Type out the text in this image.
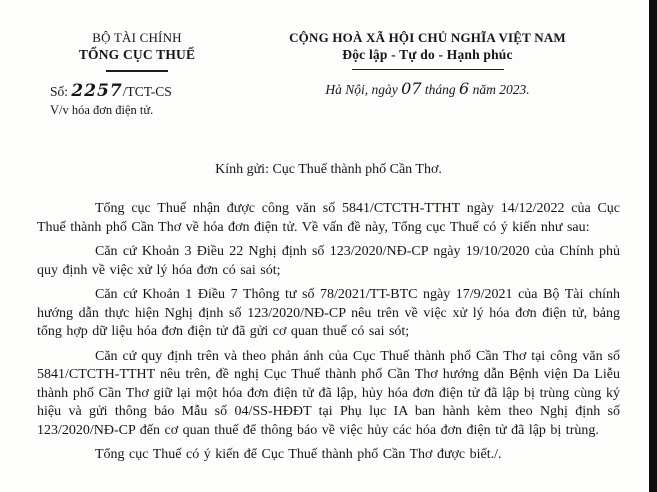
BỘ TÀI CHÍNH
TỔNG CỤC THUẾ
Số: 2257/TCT-CS
V/v hóa đơn điện tử.
CỘNG HOÀ XÃ HỘI CHỦ NGHĨA VIỆT NAM
Độc lập - Tự do - Hạnh phúc
Hà Nội, ngày 07 tháng 6 năm 2023.
Kính gửi: Cục Thuế thành phố Cần Thơ.

Tổng cục Thuế nhận được công văn số 5841/CTCTH-TTHT ngày 14/12/2022 của Cục Thuế thành phố Cần Thơ về hóa đơn điện tử. Về vấn đề này, Tổng cục Thuế có ý kiến như sau:

Căn cứ Khoản 3 Điều 22 Nghị định số 123/2020/NĐ-CP ngày 19/10/2020 của Chính phủ quy định về việc xử lý hóa đơn có sai sót;

Căn cứ Khoản 1 Điều 7 Thông tư số 78/2021/TT-BTC ngày 17/9/2021 của Bộ Tài chính hướng dẫn thực hiện Nghị định số 123/2020/NĐ-CP nêu trên về việc xử lý hóa đơn điện tử, bảng tổng hợp dữ liệu hóa đơn điện tử đã gửi cơ quan thuế có sai sót;

Căn cứ quy định trên và theo phản ánh của Cục Thuế thành phố Cần Thơ tại công văn số 5841/CTCTH-TTHT nêu trên, đề nghị Cục Thuế thành phố Cần Thơ hướng dẫn Bệnh viện Da Liễu thành phố Cần Thơ giữ lại một hóa đơn điện tử đã lập, hủy hóa đơn điện tử đã lập bị trùng cùng ký hiệu và gửi thông báo Mẫu số 04/SS-HĐĐT tại Phụ lục IA ban hành kèm theo Nghị định số 123/2020/NĐ-CP đến cơ quan thuế để thông báo về việc hủy các hóa đơn điện tử đã lập bị trùng.

Tổng cục Thuế có ý kiến để Cục Thuế thành phố Cần Thơ được biết./.
